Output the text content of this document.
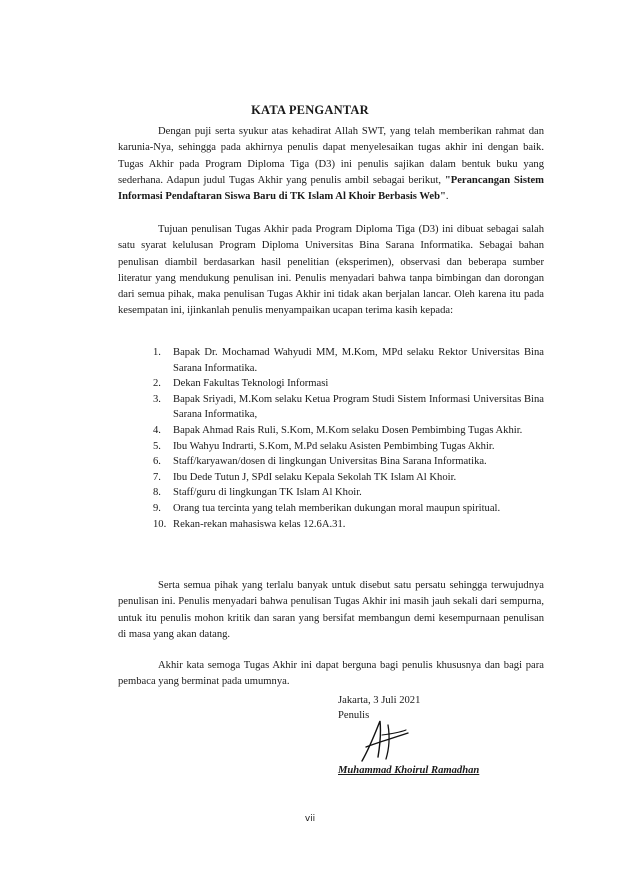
KATA PENGANTAR

Dengan puji serta syukur atas kehadirat Allah SWT, yang telah memberikan rahmat dan karunia-Nya, sehingga pada akhirnya penulis dapat menyelesaikan tugas akhir ini dengan baik. Tugas Akhir pada Program Diploma Tiga (D3) ini penulis sajikan dalam bentuk buku yang sederhana. Adapun judul Tugas Akhir yang penulis ambil sebagai berikut, "Perancangan Sistem Informasi Pendaftaran Siswa Baru di TK Islam Al Khoir Berbasis Web".

Tujuan penulisan Tugas Akhir pada Program Diploma Tiga (D3) ini dibuat sebagai salah satu syarat kelulusan Program Diploma Universitas Bina Sarana Informatika. Sebagai bahan penulisan diambil berdasarkan hasil penelitian (eksperimen), observasi dan beberapa sumber literatur yang mendukung penulisan ini. Penulis menyadari bahwa tanpa bimbingan dan dorongan dari semua pihak, maka penulisan Tugas Akhir ini tidak akan berjalan lancar. Oleh karena itu pada kesempatan ini, ijinkanlah penulis menyampaikan ucapan terima kasih kepada:

1.	Bapak Dr. Mochamad Wahyudi MM, M.Kom, MPd selaku Rektor Universitas Bina Sarana Informatika.
2.	Dekan Fakultas Teknologi Informasi
3.	Bapak Sriyadi, M.Kom selaku Ketua Program Studi Sistem Informasi Universitas Bina Sarana Informatika,
4.	Bapak Ahmad Rais Ruli, S.Kom, M.Kom selaku Dosen Pembimbing Tugas Akhir.
5.	Ibu Wahyu Indrarti, S.Kom, M.Pd selaku Asisten Pembimbing Tugas Akhir.
6.	Staff/karyawan/dosen di lingkungan Universitas Bina Sarana Informatika.
7.	Ibu Dede Tutun J, SPdI selaku Kepala Sekolah TK Islam Al Khoir.
8.	Staff/guru di lingkungan TK Islam Al Khoir.
9.	Orang tua tercinta yang telah memberikan dukungan moral maupun spiritual.
10. Rekan-rekan mahasiswa kelas 12.6A.31.

Serta semua pihak yang terlalu banyak untuk disebut satu persatu sehingga terwujudnya penulisan ini. Penulis menyadari bahwa penulisan Tugas Akhir ini masih jauh sekali dari sempurna, untuk itu penulis mohon kritik dan saran yang bersifat membangun demi kesempurnaan penulisan di masa yang akan datang.

Akhir kata semoga Tugas Akhir ini dapat berguna bagi penulis khususnya dan bagi para pembaca yang berminat pada umumnya.

Jakarta, 3 Juli 2021
Penulis
Muhammad Khoirul Ramadhan
vii
